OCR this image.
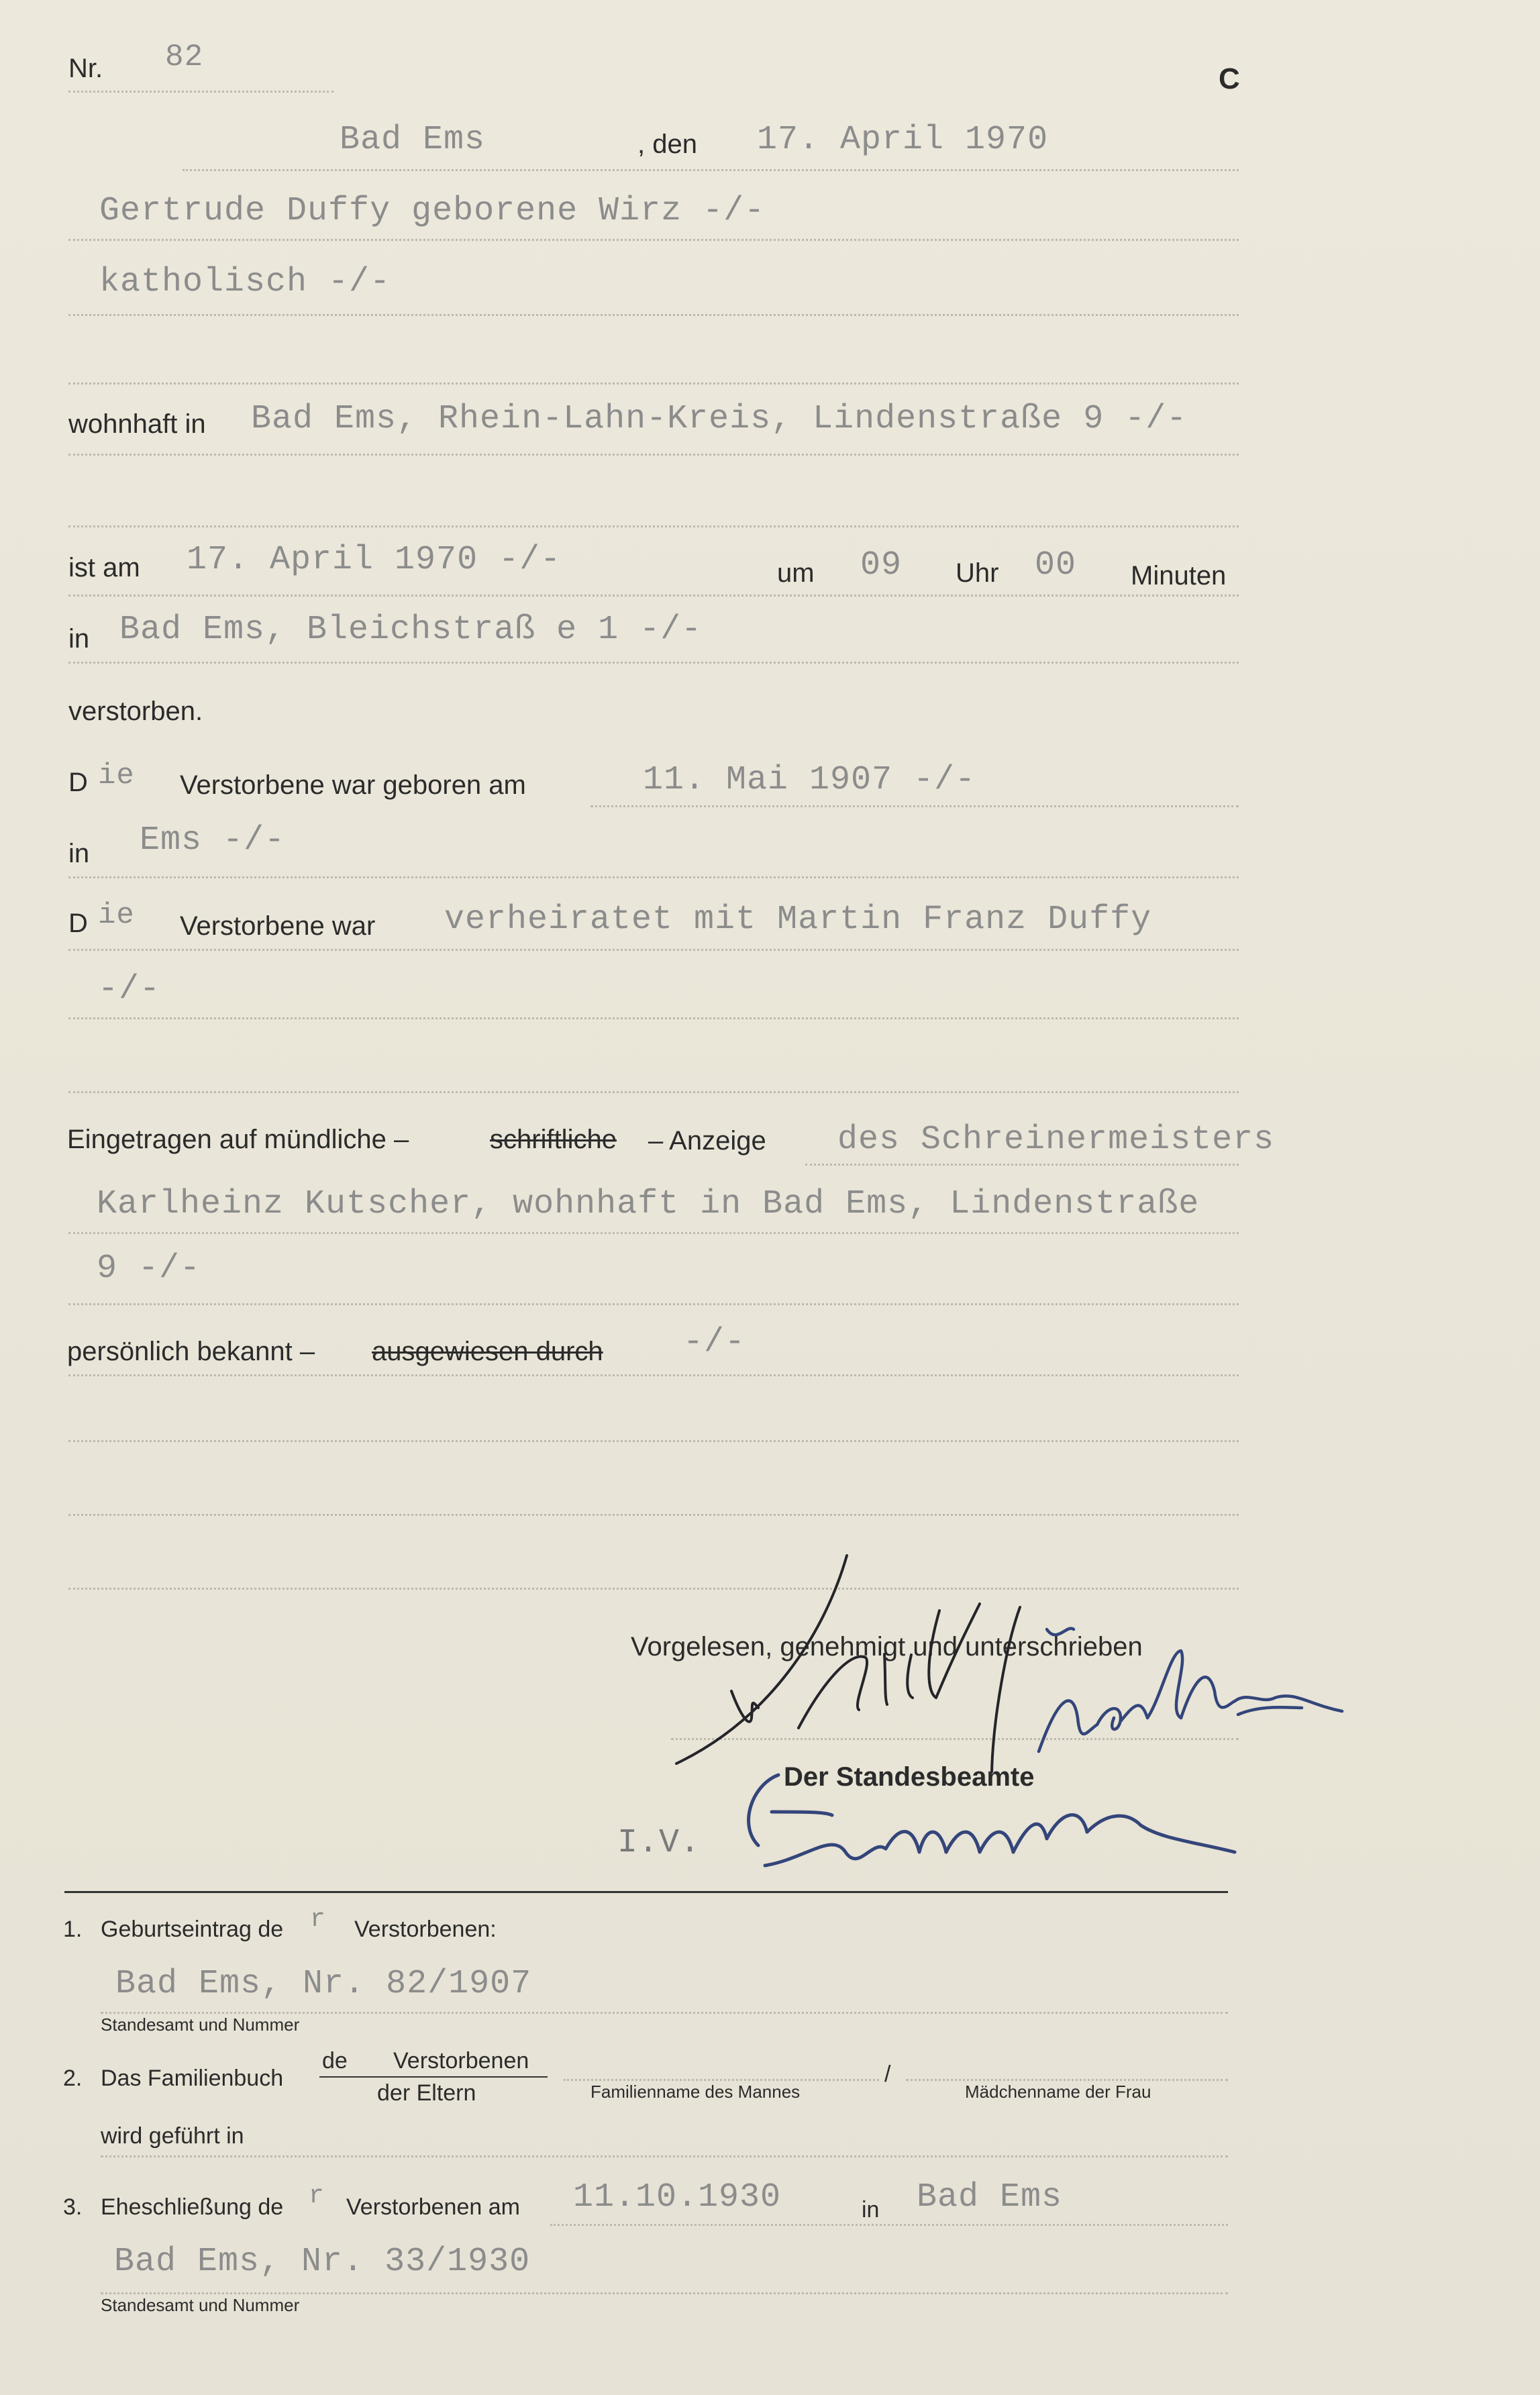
Nr. 82
C
Bad Ems	, den 17. April 1970
Gertrude Duffy geborene Wirz -/-
katholisch -/-
wohnhaft in Bad Ems, Rhein-Lahn-Kreis, Lindenstraße 9 -/-
ist am 17. April 1970 -/-	um 09 Uhr 00 Minuten
in Bad Ems, Bleichstraß e 1 -/-
verstorben.
D ie Verstorbene war geboren am	11. Mai 1907 -/-
in Ems -/-
D ie Verstorbene war verheiratet mit Martin Franz Duffy
-/-
Eingetragen auf mündliche –	schriftliche – Anzeige des Schreinermeisters
Karlheinz Kutscher, wohnhaft in Bad Ems, Lindenstraße
9 -/-
persönlich bekannt – ausgewiesen durch -/-
Vorgelesen, genehmigt und unterschrieben
Der Standesbeamte
I.V.
1. Geburtseintrag de r Verstorbenen:
Bad Ems, Nr. 82/1907
Standesamt und Nummer
2. Das Familienbuch
de Verstorbenen
der Eltern	Familienname des Mannes
/
Mädchenname der Frau
wird geführt in
3. Eheschließung de r Verstorbenen am 11.10.1930	in Bad Ems
Bad Ems, Nr. 33/1930
Standesamt und Nummer
